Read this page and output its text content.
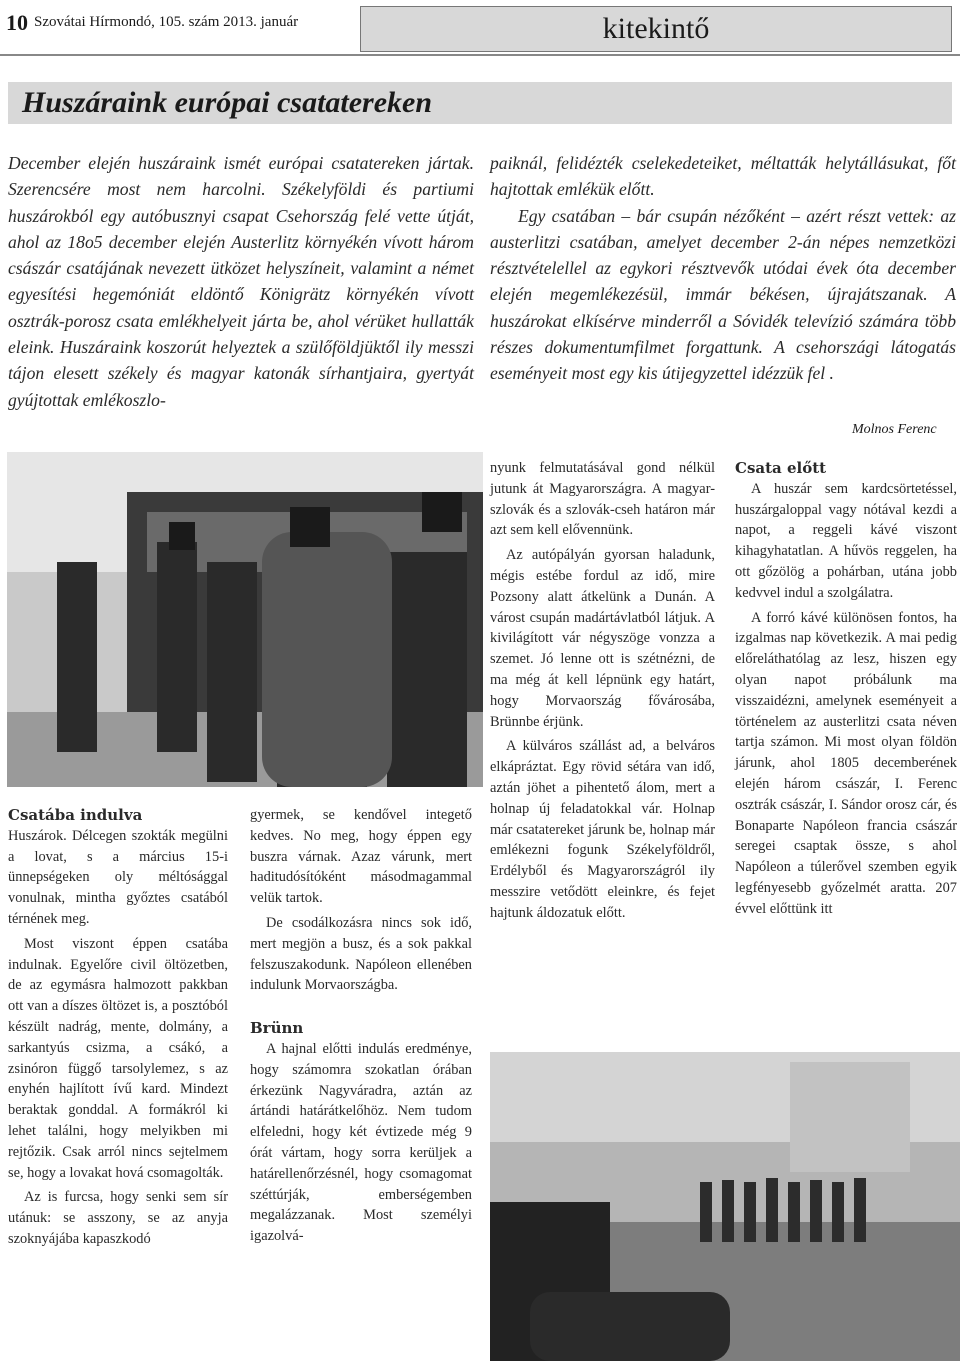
10 Szovátai Hírmondó, 105. szám 2013. január	kitekintő
Huszáraink európai csatatereken

December elején huszáraink ismét európai csatatereken jártak. Szerencsére most nem harcolni. Székelyföldi és partiumi huszárokból egy autóbusznyi csapat Csehország felé vette útját, ahol az 18o5 december elején Austerlitz környékén vívott három császár csatájának nevezett ütközet helyszíneit, valamint a német egyesítési hegemóniát eldöntő Königrätz környékén vívott osztrák-porosz csata emlékhelyeit járta be, ahol vérüket hullatták eleink. Huszáraink koszorút helyeztek a szülőföldjüktől ily messzi tájon elesett székely és magyar katonák sírhantjaira, gyertyát gyújtottak emlékoszlo-

paiknál, felidézték cselekedeteiket, méltatták helytállásukat, főt hajtottak emlékük előtt.

Egy csatában – bár csupán nézőként – azért részt vettek: az austerlitzi csatában, amelyet december 2-án népes nemzetközi résztvételellel az egykori résztvevők utódai évek óta december elején megemlékezésül, immár békésen, újrajátszanak. A huszárokat elkísérve minderről a Sóvidék televízió számára több részes dokumentumfilmet forgattunk. A csehországi látogatás eseményeit most egy kis útijegyzettel idézzük fel .

Molnos Ferenc
Csatába indulva

Huszárok. Délcegen szokták megülni a lovat, s a március 15-i ünnepségeken oly méltósággal vonulnak, mintha győztes csatából térnének meg.

Most viszont éppen csatába indulnak. Egyelőre civil öltözetben, de az egymásra halmozott pakkban ott van a díszes öltözet is, a posztóból készült nadrág, mente, dolmány, a sarkantyús csizma, a csákó, a zsinóron függő tarsolylemez, s az enyhén hajlított ívű kard. Mindezt beraktak gonddal. A formákról ki lehet találni, hogy melyikben mi rejtőzik. Csak arról nincs sejtelmem se, hogy a lovakat hová csomagolták.

Az is furcsa, hogy senki sem sír utánuk: se asszony, se az anyja szoknyájába kapaszkodó

gyermek, se kendővel integető kedves. No meg, hogy éppen egy buszra várnak. Azaz várunk, mert haditudósítóként másodmagammal velük tartok.

De csodálkozásra nincs sok idő, mert megjön a busz, és a sok pakkal felszuszakodunk. Napóleon ellenében indulunk Morvaországba.

Brünn

A hajnal előtti indulás eredménye, hogy számomra szokatlan órában érkezünk Nagyváradra, aztán az ártándi határátkelőhöz. Nem tudom elfeledni, hogy két évtizede még 9 órát vártam, hogy sorra kerüljek a határellenőrzésnél, hogy csomagomat széttúrják, emberségemben megalázzanak. Most személyi igazolvá-

nyunk felmutatásával gond nélkül jutunk át Magyarországra. A magyar-szlovák és a szlovák-cseh határon már azt sem kell elővennünk.

Az autópályán gyorsan haladunk, mégis estébe fordul az idő, mire Pozsony alatt átkelünk a Dunán. A várost csupán madártávlatból látjuk. A kivilágított vár négyszöge vonzza a szemet. Jó lenne ott is szétnézni, de ma még át kell lépnünk egy határt, hogy Morvaország fővárosába, Brünnbe érjünk.

A külváros szállást ad, a belváros elkápráztat. Egy rövid sétára van idő, aztán jöhet a pihentető álom, mert a holnap új feladatokkal vár. Holnap már csatatereket járunk be, holnap már emlékezni fogunk Székelyföldről, Erdélyből és Magyarországról ily messzire vetődött eleinkre, és fejet hajtunk áldozatuk előtt.

Csata előtt

A huszár sem kardcsörtetéssel, huszárgaloppal vagy nótával kezdi a napot, a reggeli kávé viszont kihagyhatatlan. A hűvös reggelen, ha ott gőzölög a pohárban, utána jobb kedvvel indul a szolgálatra.

A forró kávé különösen fontos, ha izgalmas nap következik. A mai pedig előreláthatólag az lesz, hiszen egy olyan napot próbálunk ma visszaidézni, amelynek eseményeit a történelem az austerlitzi csata néven tartja számon. Mi most olyan földön járunk, ahol 1805 decemberének elején három császár, I. Ferenc osztrák császár, I. Sándor orosz cár, és Bonaparte Napóleon francia császár seregei csaptak össze, s ahol Napóleon a túlerővel szemben egyik legfényesebb győzelmét aratta. 207 évvel előttünk itt
